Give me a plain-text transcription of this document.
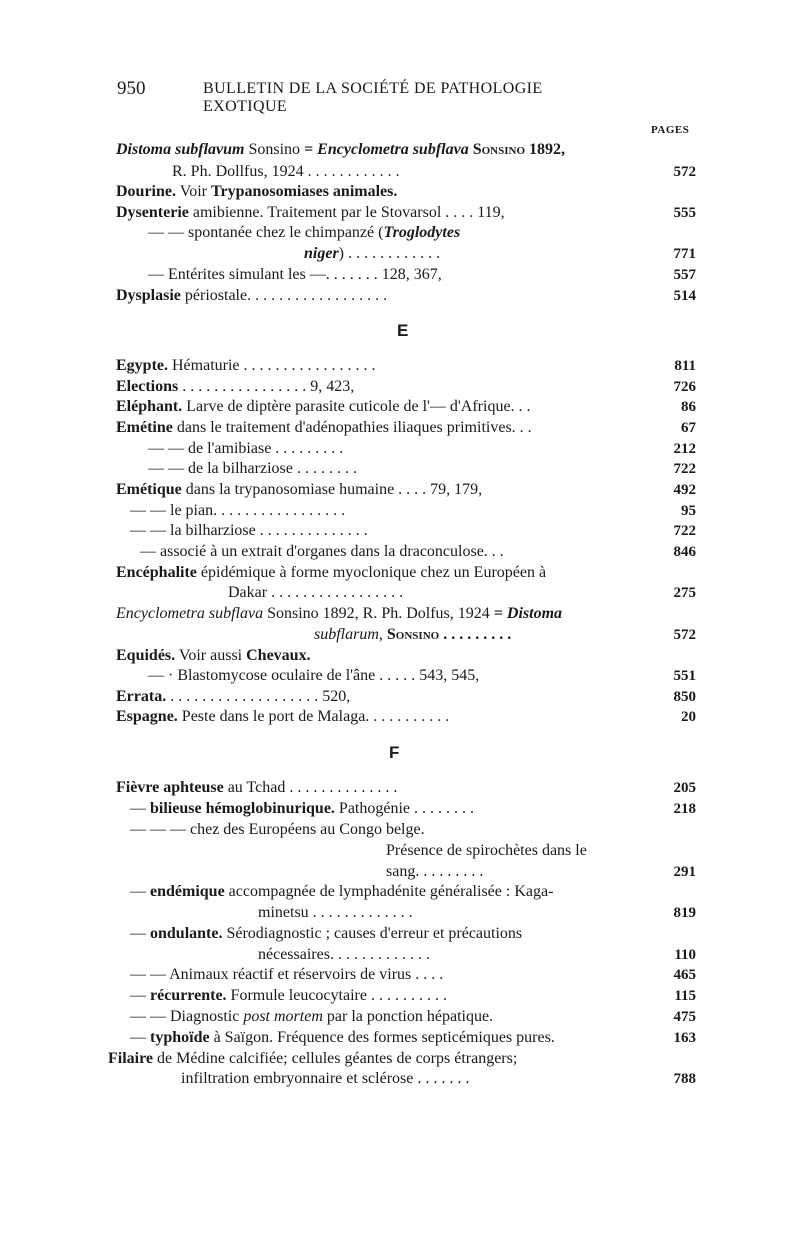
950	BULLETIN DE LA SOCIÉTÉ DE PATHOLOGIE EXOTIQUE
PAGES
Distoma subflavum Sonsino = Encyclometra subflava Sonsino 1892,
R. Ph. Dollfus, 1924 . . . . . . . . . . . .	572
Dourine. Voir Trypanosomiases animales.
Dysenterie amibienne. Traitement par le Stovarsol . . . . 119,	555
— — spontanée chez le chimpanzé (Troglodytes
niger) . . . . . . . . . . . .	771
— Entérites simulant les —. . . . . . . 128, 367,	557
Dysplasie périostale. . . . . . . . . . . . . . . . . .	514
E
Egypte. Hématurie . . . . . . . . . . . . . . . . .	811
Elections . . . . . . . . . . . . . . . . 9, 423,	726
Eléphant. Larve de diptère parasite cuticole de l'— d'Afrique. . .	86
Emétine dans le traitement d'adénopathies iliaques primitives. . .	67
— — de l'amibiase . . . . . . . . .	212
— — de la bilharziose . . . . . . . .	722
Emétique dans la trypanosomiase humaine . . . . 79, 179,	492
— — le pian. . . . . . . . . . . . . . . . .	95
— — la bilharziose . . . . . . . . . . . . . .	722
— associé à un extrait d'organes dans la draconculose. . .	846
Encéphalite épidémique à forme myoclonique chez un Européen à
Dakar . . . . . . . . . . . . . . . . .	275
Encyclometra subflava Sonsino 1892, R. Ph. Dolfus, 1924 = Distoma
subflarum, Sonsino . . . . . . . . .	572
Equidés. Voir aussi Chevaux.
— · Blastomycose oculaire de l'âne . . . . . 543, 545,	551
Errata. . . . . . . . . . . . . . . . . . . . 520,	850
Espagne. Peste dans le port de Malaga. . . . . . . . . . .	20
F
Fièvre aphteuse au Tchad . . . . . . . . . . . . . .	205
— bilieuse hémoglobinurique. Pathogénie . . . . . . . .	218
— — — chez des Européens au Congo belge.
Présence de spirochètes dans le
sang. . . . . . . . .	291
— endémique accompagnée de lymphadénite généralisée : Kaga-
minetsu . . . . . . . . . . . . .	819
— ondulante. Sérodiagnostic ; causes d'erreur et précautions
nécessaires. . . . . . . . . . . . .	110
— — Animaux réactif et réservoirs de virus . . . .	465
— récurrente. Formule leucocytaire . . . . . . . . . .	115
— — Diagnostic post mortem par la ponction hépatique.	475
— typhoïde à Saïgon. Fréquence des formes septicémiques pures.	163
Filaire de Médine calcifiée; cellules géantes de corps étrangers;
infiltration embryonnaire et sclérose . . . . . . .	788
